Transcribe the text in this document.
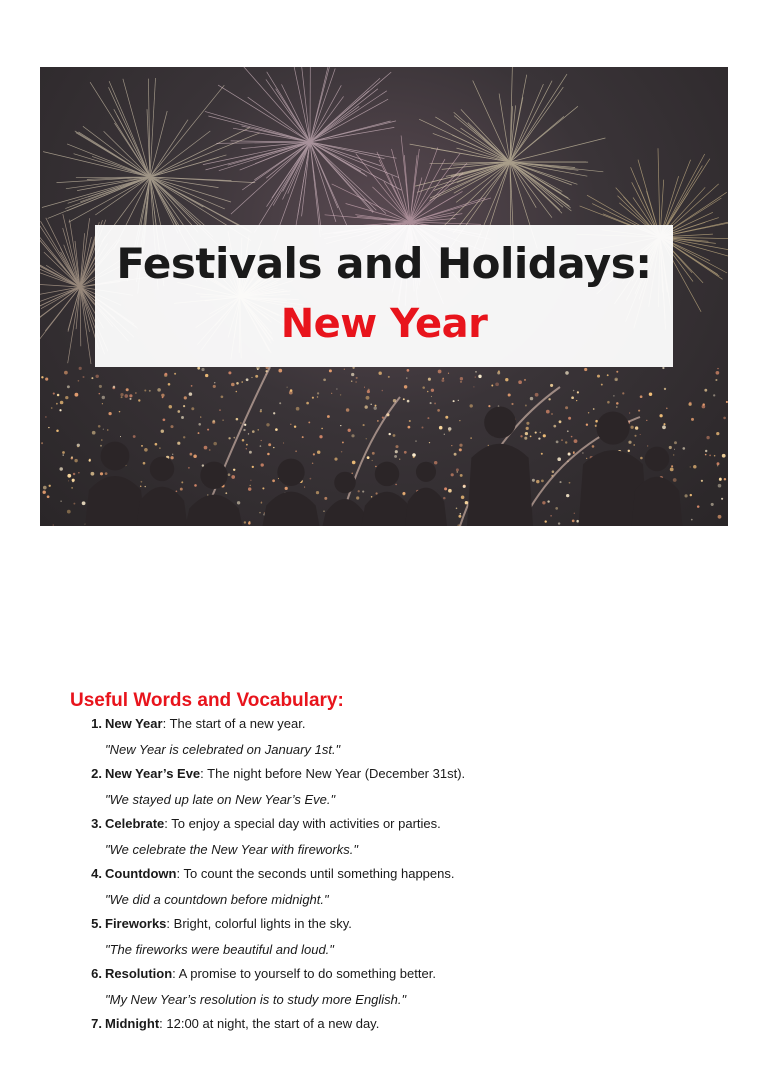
Festivals and Holidays:
New Year
Useful Words and Vocabulary:
1. New Year: The start of a new year.
"New Year is celebrated on January 1st."
2. New Year’s Eve: The night before New Year (December 31st).
"We stayed up late on New Year’s Eve."
3. Celebrate: To enjoy a special day with activities or parties.
"We celebrate the New Year with fireworks."
4. Countdown: To count the seconds until something happens.
"We did a countdown before midnight."
5. Fireworks: Bright, colorful lights in the sky.
"The fireworks were beautiful and loud."
6. Resolution: A promise to yourself to do something better.
"My New Year’s resolution is to study more English."
7. Midnight: 12:00 at night, the start of a new day.
